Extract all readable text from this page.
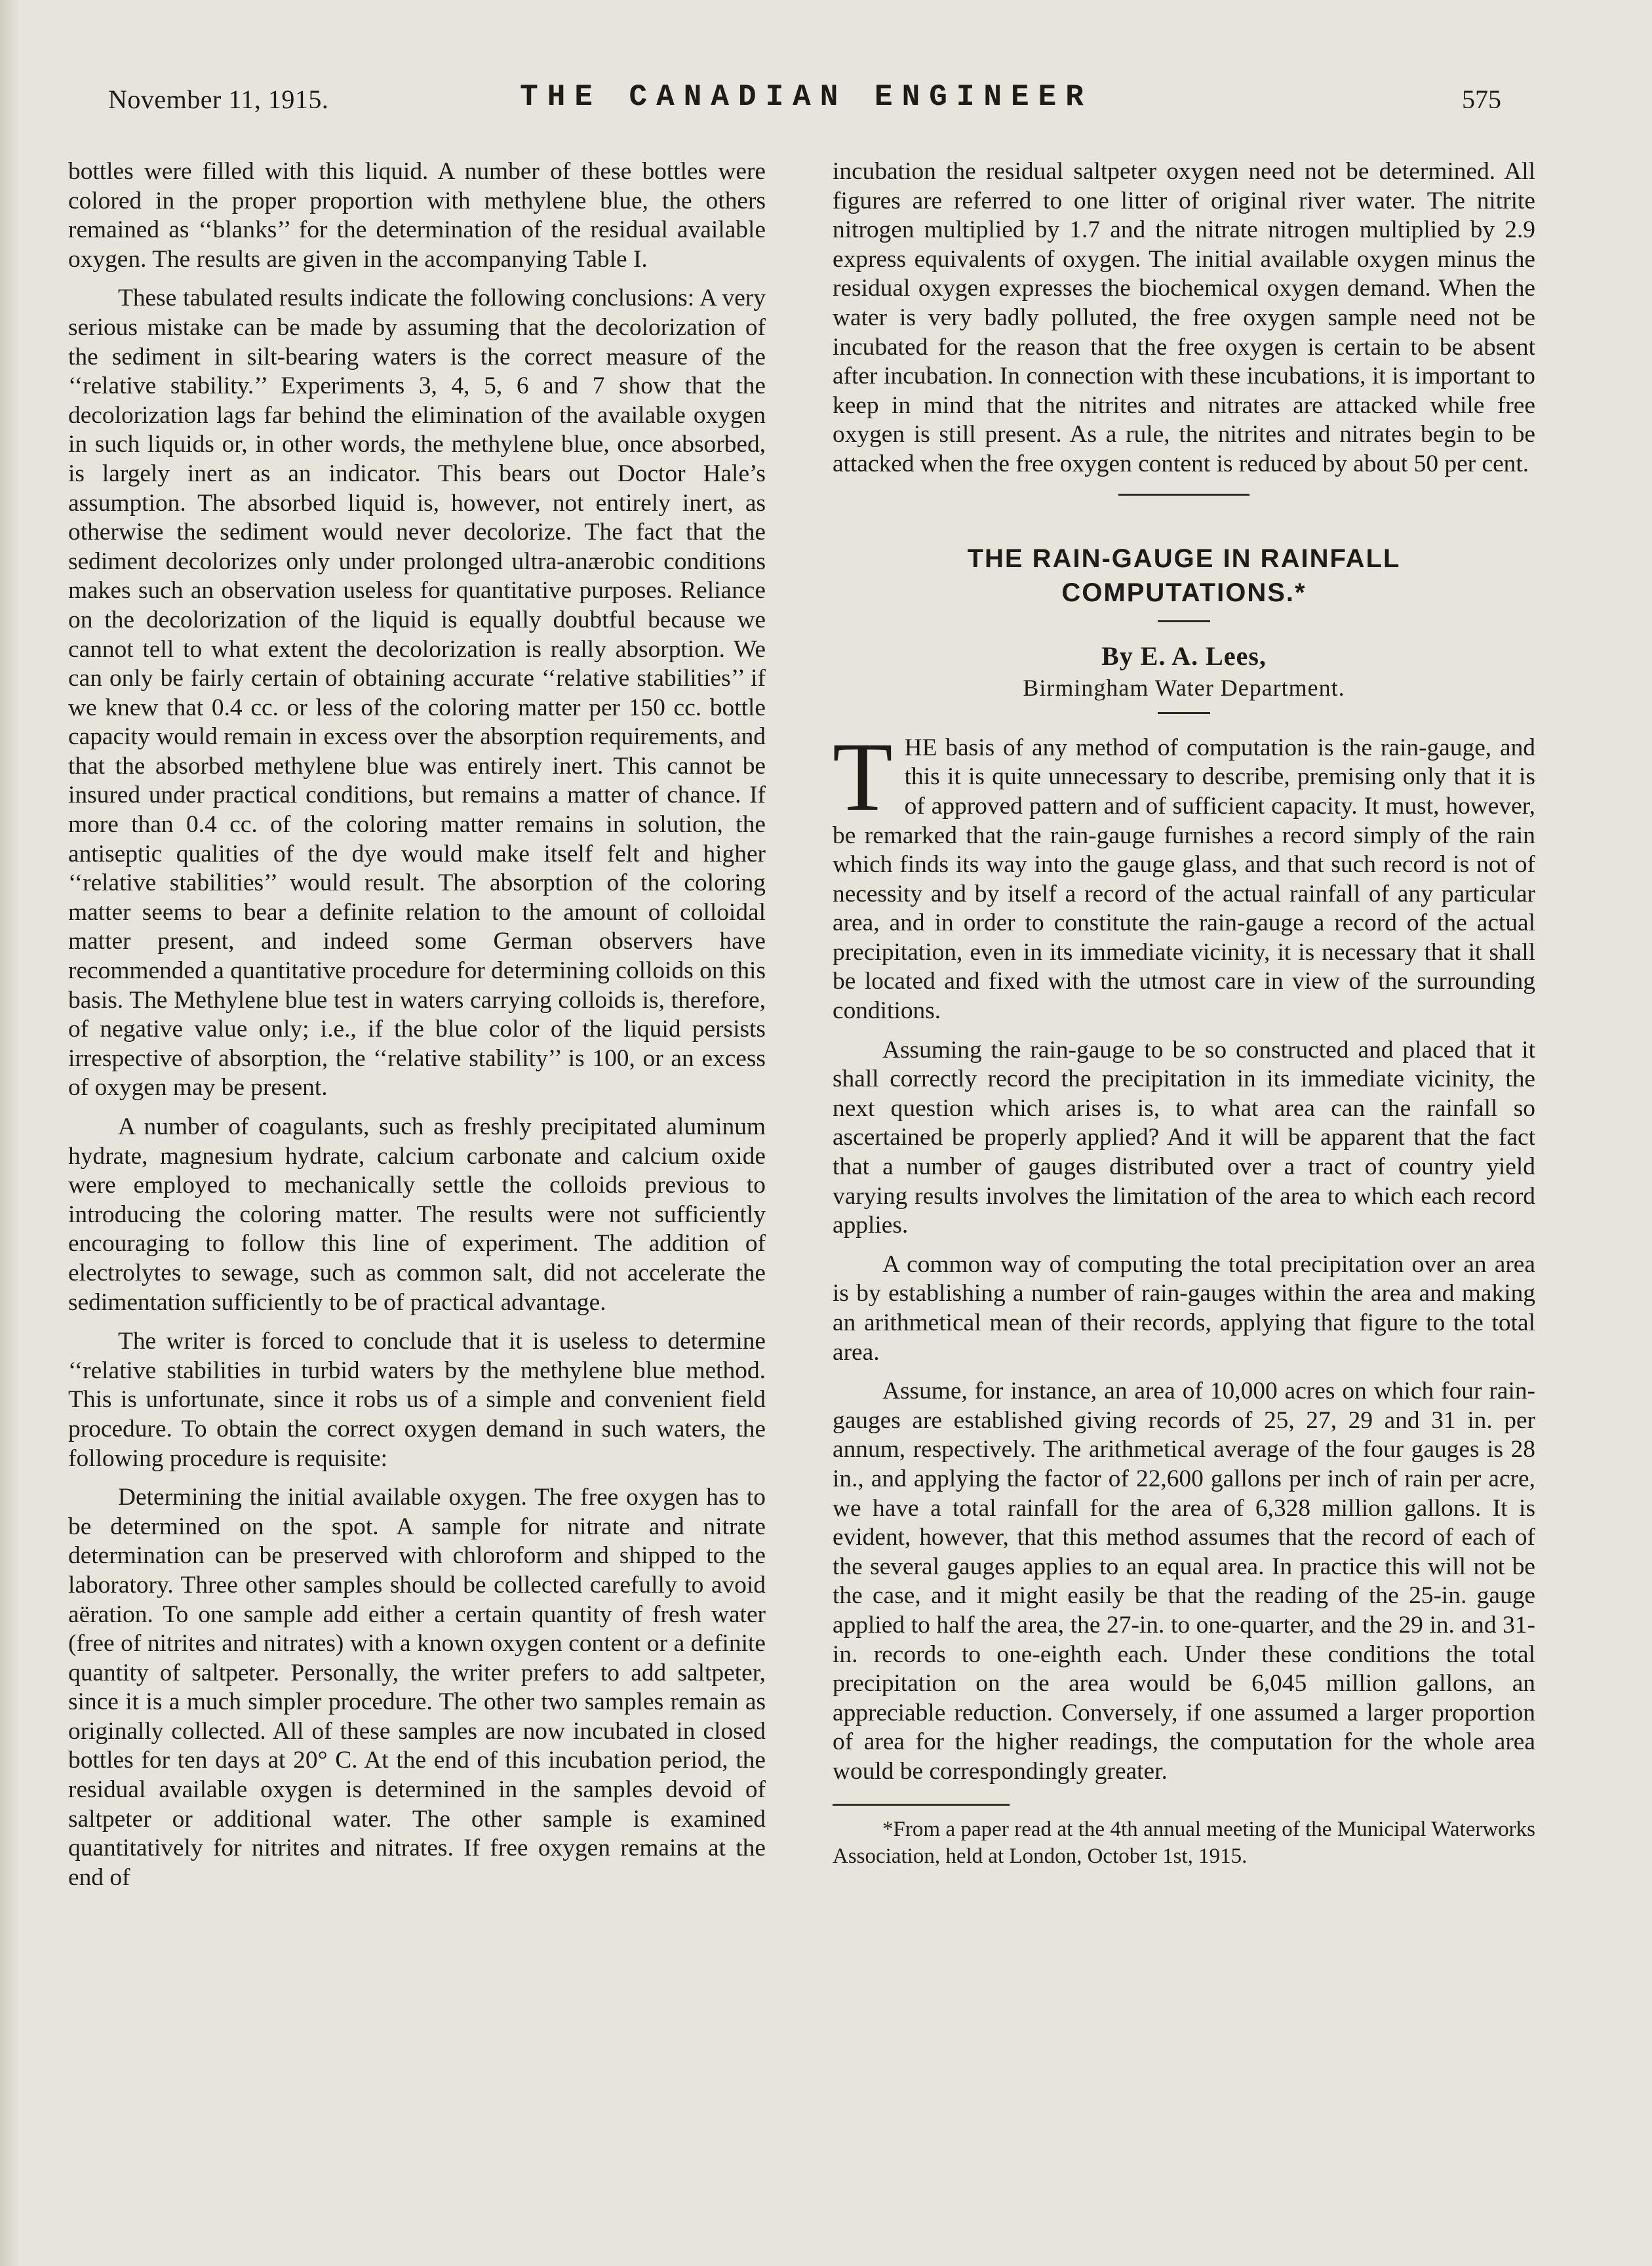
November 11, 1915.	THE CANADIAN ENGINEER	575

bottles were filled with this liquid. A number of these bottles were colored in the proper proportion with methylene blue, the others remained as ‘‘blanks’’ for the determination of the residual available oxygen. The results are given in the accompanying Table I.

These tabulated results indicate the following conclusions: A very serious mistake can be made by assuming that the decolorization of the sediment in silt-bearing waters is the correct measure of the ‘‘relative stability.’’ Experiments 3, 4, 5, 6 and 7 show that the decolorization lags far behind the elimination of the available oxygen in such liquids or, in other words, the methylene blue, once absorbed, is largely inert as an indicator. This bears out Doctor Hale’s assumption. The absorbed liquid is, however, not entirely inert, as otherwise the sediment would never decolorize. The fact that the sediment decolorizes only under prolonged ultra-anærobic conditions makes such an observation useless for quantitative purposes. Reliance on the decolorization of the liquid is equally doubtful because we cannot tell to what extent the decolorization is really absorption. We can only be fairly certain of obtaining accurate ‘‘relative stabilities’’ if we knew that 0.4 cc. or less of the coloring matter per 150 cc. bottle capacity would remain in excess over the absorption requirements, and that the absorbed methylene blue was entirely inert. This cannot be insured under practical conditions, but remains a matter of chance. If more than 0.4 cc. of the coloring matter remains in solution, the antiseptic qualities of the dye would make itself felt and higher ‘‘relative stabilities’’ would result. The absorption of the coloring matter seems to bear a definite relation to the amount of colloidal matter present, and indeed some German observers have recommended a quantitative procedure for determining colloids on this basis. The Methylene blue test in waters carrying colloids is, therefore, of negative value only; i.e., if the blue color of the liquid persists irrespective of absorption, the ‘‘relative stability’’ is 100, or an excess of oxygen may be present.

A number of coagulants, such as freshly precipitated aluminum hydrate, magnesium hydrate, calcium carbonate and calcium oxide were employed to mechanically settle the colloids previous to introducing the coloring matter. The results were not sufficiently encouraging to follow this line of experiment. The addition of electrolytes to sewage, such as common salt, did not accelerate the sedimentation sufficiently to be of practical advantage.

The writer is forced to conclude that it is useless to determine ‘‘relative stabilities in turbid waters by the methylene blue method. This is unfortunate, since it robs us of a simple and convenient field procedure. To obtain the correct oxygen demand in such waters, the following procedure is requisite:

Determining the initial available oxygen. The free oxygen has to be determined on the spot. A sample for nitrate and nitrate determination can be preserved with chloroform and shipped to the laboratory. Three other samples should be collected carefully to avoid aëration. To one sample add either a certain quantity of fresh water (free of nitrites and nitrates) with a known oxygen content or a definite quantity of saltpeter. Personally, the writer prefers to add saltpeter, since it is a much simpler procedure. The other two samples remain as originally collected. All of these samples are now incubated in closed bottles for ten days at 20° C. At the end of this incubation period, the residual available oxygen is determined in the samples devoid of saltpeter or additional water. The other sample is examined quantitatively for nitrites and nitrates. If free oxygen remains at the end of

incubation the residual saltpeter oxygen need not be determined. All figures are referred to one litter of original river water. The nitrite nitrogen multiplied by 1.7 and the nitrate nitrogen multiplied by 2.9 express equivalents of oxygen. The initial available oxygen minus the residual oxygen expresses the biochemical oxygen demand. When the water is very badly polluted, the free oxygen sample need not be incubated for the reason that the free oxygen is certain to be absent after incubation. In connection with these incubations, it is important to keep in mind that the nitrites and nitrates are attacked while free oxygen is still present. As a rule, the nitrites and nitrates begin to be attacked when the free oxygen content is reduced by about 50 per cent.

THE RAIN-GAUGE IN RAINFALL
COMPUTATIONS.*
By E. A. Lees,
Birmingham Water Department.

THE basis of any method of computation is the rain-gauge, and this it is quite unnecessary to describe, premising only that it is of approved pattern and of sufficient capacity. It must, however, be remarked that the rain-gauge furnishes a record simply of the rain which finds its way into the gauge glass, and that such record is not of necessity and by itself a record of the actual rainfall of any particular area, and in order to constitute the rain-gauge a record of the actual precipitation, even in its immediate vicinity, it is necessary that it shall be located and fixed with the utmost care in view of the surrounding conditions.

Assuming the rain-gauge to be so constructed and placed that it shall correctly record the precipitation in its immediate vicinity, the next question which arises is, to what area can the rainfall so ascertained be properly applied? And it will be apparent that the fact that a number of gauges distributed over a tract of country yield varying results involves the limitation of the area to which each record applies.

A common way of computing the total precipitation over an area is by establishing a number of rain-gauges within the area and making an arithmetical mean of their records, applying that figure to the total area.

Assume, for instance, an area of 10,000 acres on which four rain-gauges are established giving records of 25, 27, 29 and 31 in. per annum, respectively. The arithmetical average of the four gauges is 28 in., and applying the factor of 22,600 gallons per inch of rain per acre, we have a total rainfall for the area of 6,328 million gallons. It is evident, however, that this method assumes that the record of each of the several gauges applies to an equal area. In practice this will not be the case, and it might easily be that the reading of the 25-in. gauge applied to half the area, the 27-in. to one-quarter, and the 29 in. and 31-in. records to one-eighth each. Under these conditions the total precipitation on the area would be 6,045 million gallons, an appreciable reduction. Conversely, if one assumed a larger proportion of area for the higher readings, the computation for the whole area would be correspondingly greater.

*From a paper read at the 4th annual meeting of the Municipal Waterworks Association, held at London, October 1st, 1915.
